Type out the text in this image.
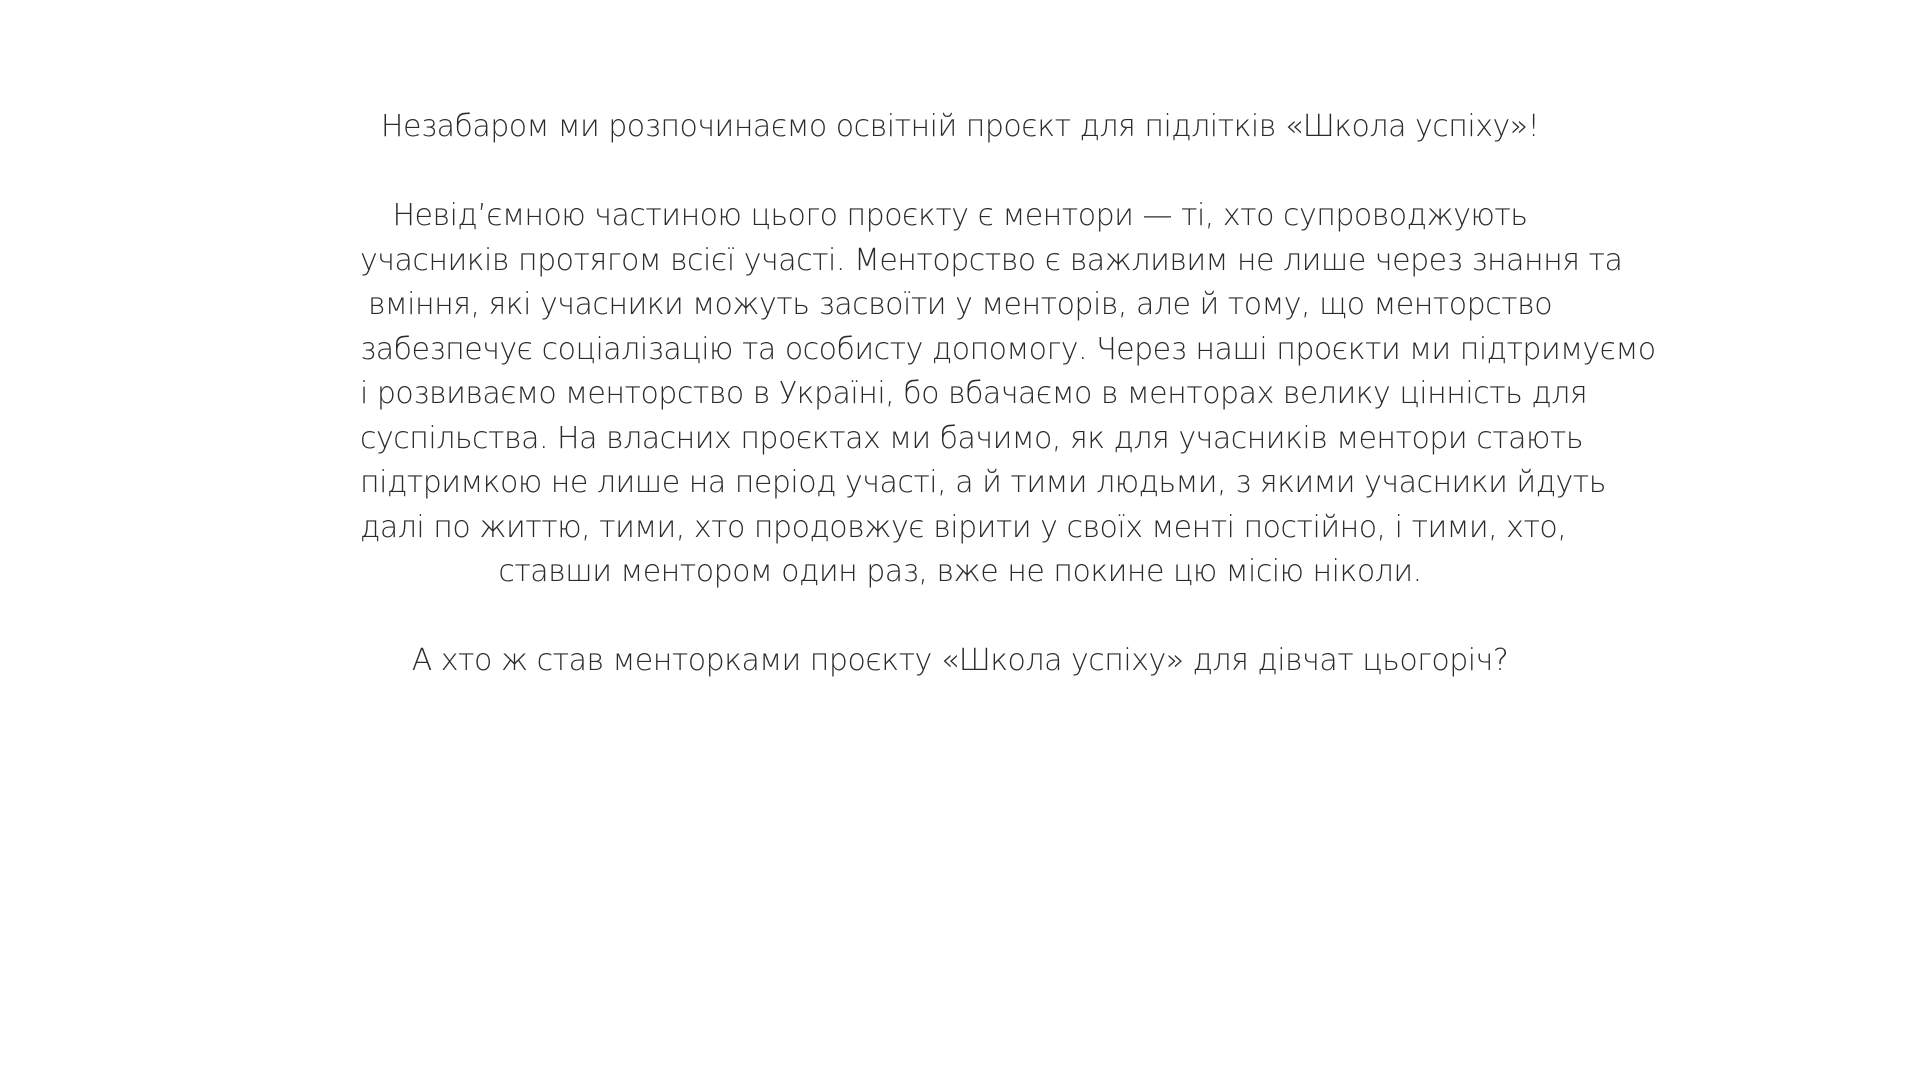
Незабаром ми розпочинаємо освітній проєкт для підлітків «Школа успіху»!

Невід’ємною частиною цього проєкту є ментори — ті, хто супроводжують
учасників протягом всієї участі. Менторство є важливим не лише через знання та
вміння, які учасники можуть засвоїти у менторів, але й тому, що менторство
забезпечує соціалізацію та особисту допомогу. Через наші проєкти ми підтримуємо
і розвиваємо менторство в Україні, бо вбачаємо в менторах велику цінність для
суспільства. На власних проєктах ми бачимо, як для учасників ментори стають
підтримкою не лише на період участі, а й тими людьми, з якими учасники йдуть
далі по життю, тими, хто продовжує вірити у своїх менті постійно, і тими, хто,
ставши ментором один раз, вже не покине цю місію ніколи.

А хто ж став менторками проєкту «Школа успіху» для дівчат цьогоріч?
